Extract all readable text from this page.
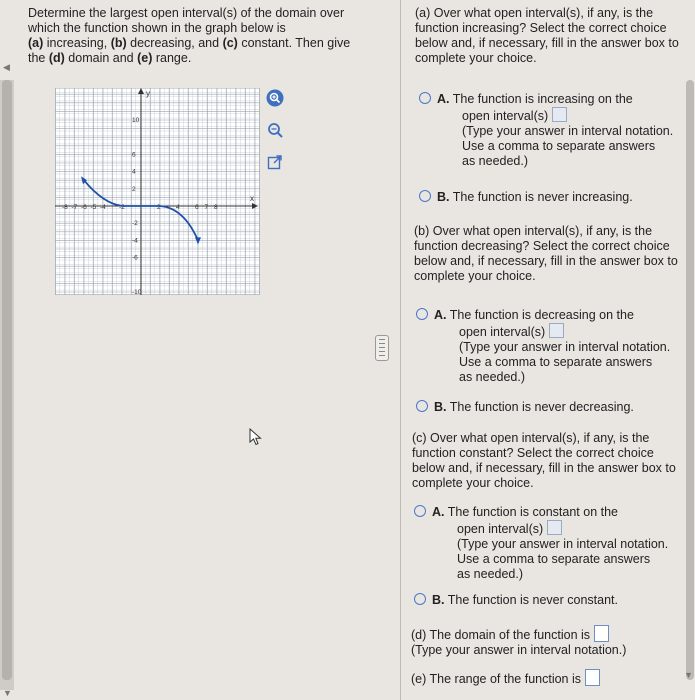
◀
▼
Determine the largest open interval(s) of the domain over
which the function shown in the graph below is
(a) increasing, (b) decreasing, and (c) constant. Then give
the (d) domain and (e) range.
y
x
-8 -7 -6 -5 -4 -2	2 4 6 7 8
10
6
4
2
-2
-4
-6
-10
▼
(a) Over what open interval(s), if any, is the
function increasing? Select the correct choice
below and, if necessary, fill in the answer box to
complete your choice.
A. The function is increasing on the
open interval(s)
(Type your answer in interval notation.
Use a comma to separate answers
as needed.)
B. The function is never increasing.
(b) Over what open interval(s), if any, is the
function decreasing? Select the correct choice
below and, if necessary, fill in the answer box to
complete your choice.
A. The function is decreasing on the
open interval(s)
(Type your answer in interval notation.
Use a comma to separate answers
as needed.)
B. The function is never decreasing.
(c) Over what open interval(s), if any, is the
function constant? Select the correct choice
below and, if necessary, fill in the answer box to
complete your choice.
A. The function is constant on the
open interval(s)
(Type your answer in interval notation.
Use a comma to separate answers
as needed.)
B. The function is never constant.
(d) The domain of the function is
(Type your answer in interval notation.)
(e) The range of the function is
